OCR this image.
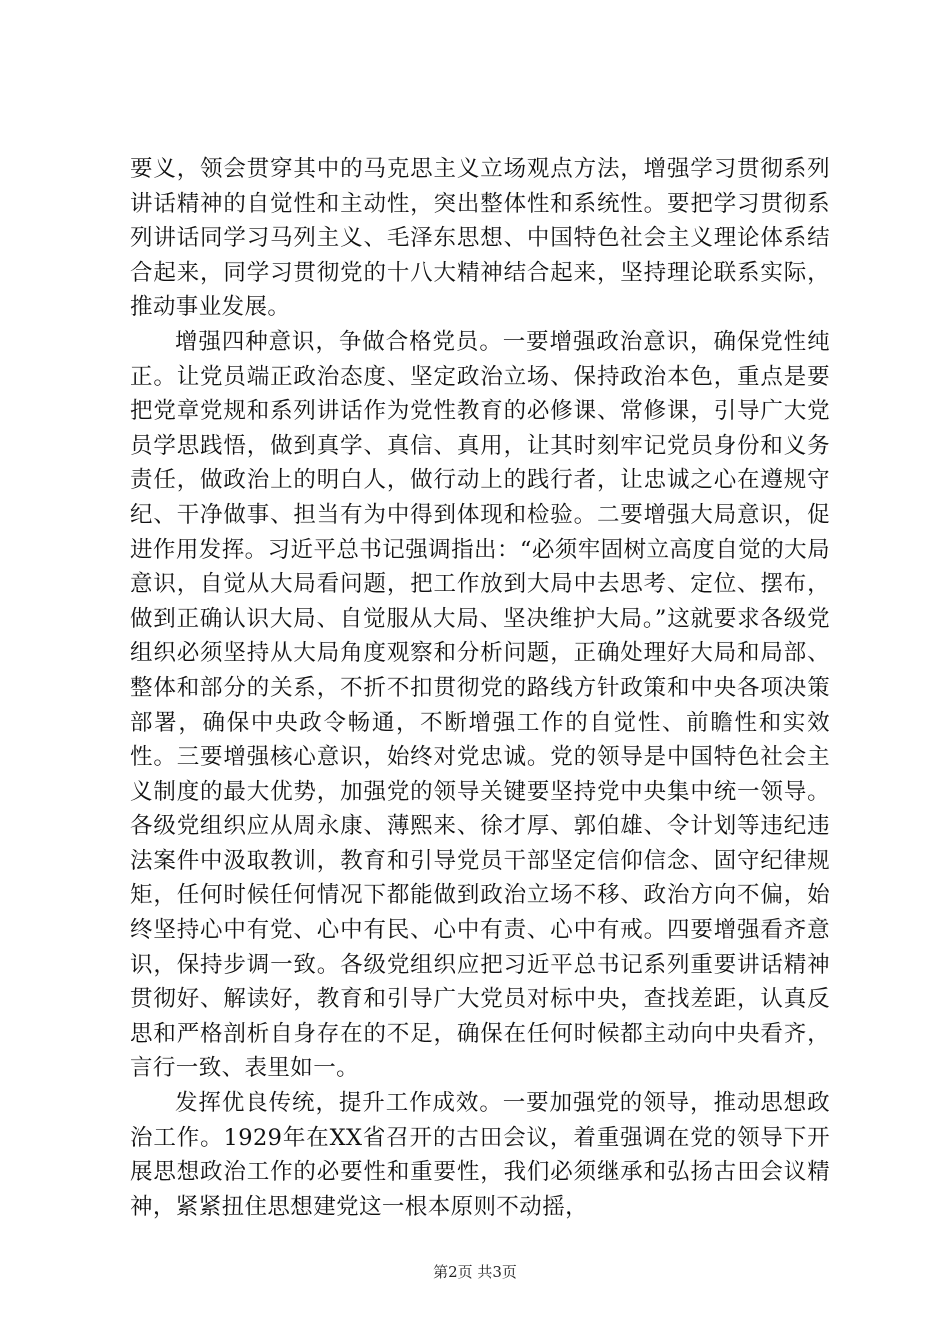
要义，领会贯穿其中的马克思主义立场观点方法，增强学习贯彻系列讲话精神的自觉性和主动性，突出整体性和系统性。要把学习贯彻系列讲话同学习马列主义、毛泽东思想、中国特色社会主义理论体系结合起来，同学习贯彻党的十八大精神结合起来，坚持理论联系实际，推动事业发展。

增强四种意识，争做合格党员。一要增强政治意识，确保党性纯正。让党员端正政治态度、坚定政治立场、保持政治本色，重点是要把党章党规和系列讲话作为党性教育的必修课、常修课，引导广大党员学思践悟，做到真学、真信、真用，让其时刻牢记党员身份和义务责任，做政治上的明白人，做行动上的践行者，让忠诚之心在遵规守纪、干净做事、担当有为中得到体现和检验。二要增强大局意识，促进作用发挥。习近平总书记强调指出：“必须牢固树立高度自觉的大局意识，自觉从大局看问题，把工作放到大局中去思考、定位、摆布，做到正确认识大局、自觉服从大局、坚决维护大局。”这就要求各级党组织必须坚持从大局角度观察和分析问题，正确处理好大局和局部、整体和部分的关系，不折不扣贯彻党的路线方针政策和中央各项决策部署，确保中央政令畅通，不断增强工作的自觉性、前瞻性和实效性。三要增强核心意识，始终对党忠诚。党的领导是中国特色社会主义制度的最大优势，加强党的领导关键要坚持党中央集中统一领导。各级党组织应从周永康、薄熙来、徐才厚、郭伯雄、令计划等违纪违法案件中汲取教训，教育和引导党员干部坚定信仰信念、固守纪律规矩，任何时候任何情况下都能做到政治立场不移、政治方向不偏，始终坚持心中有党、心中有民、心中有责、心中有戒。四要增强看齐意识，保持步调一致。各级党组织应把习近平总书记系列重要讲话精神贯彻好、解读好，教育和引导广大党员对标中央，查找差距，认真反思和严格剖析自身存在的不足，确保在任何时候都主动向中央看齐，言行一致、表里如一。

发挥优良传统，提升工作成效。一要加强党的领导，推动思想政治工作。1929年在XX省召开的古田会议，着重强调在党的领导下开展思想政治工作的必要性和重要性，我们必须继承和弘扬古田会议精神，紧紧扭住思想建党这一根本原则不动摇，

第2页 共3页
